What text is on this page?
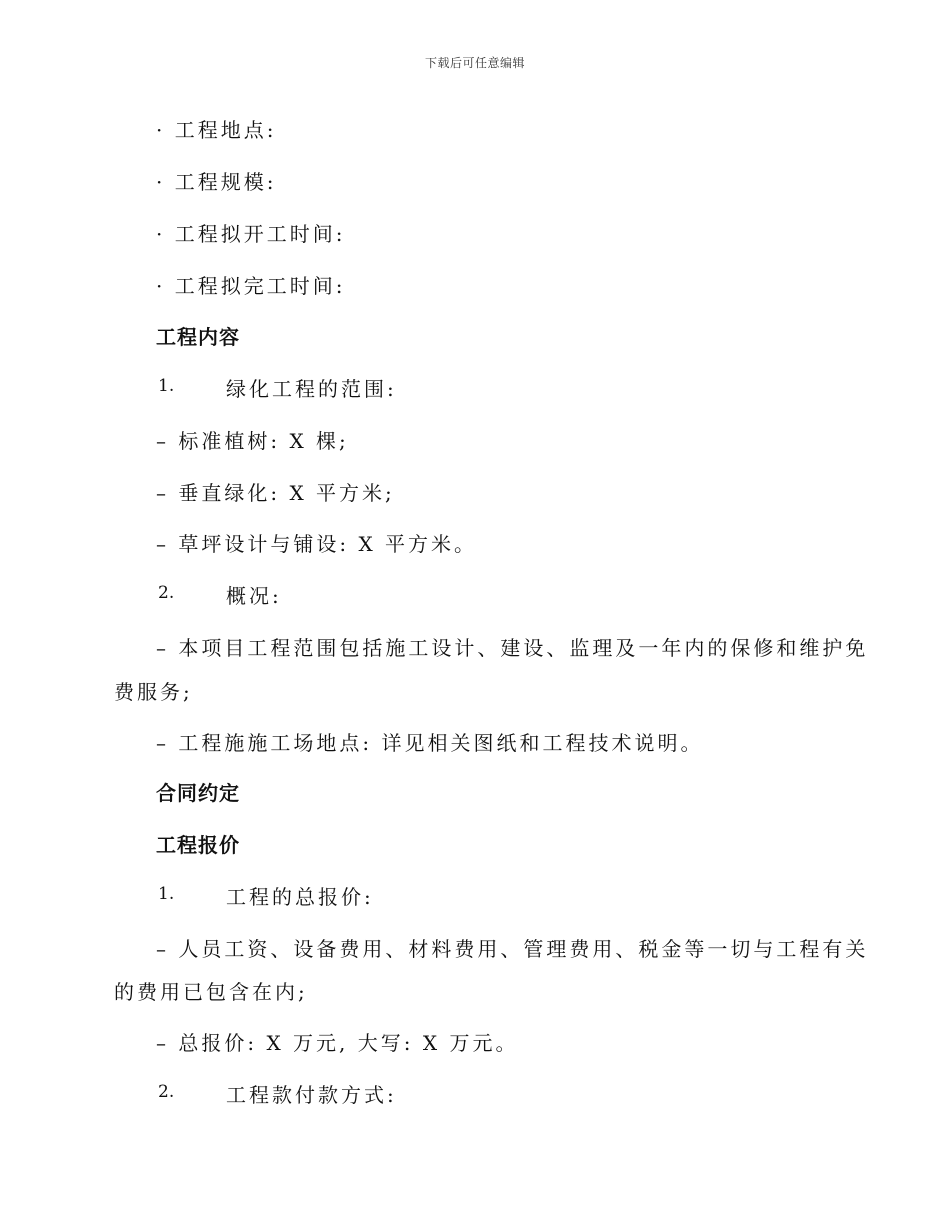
下载后可任意编辑
· 工程地点:
· 工程规模:
· 工程拟开工时间:
· 工程拟完工时间:
工程内容
1.	绿化工程的范围:
– 标准植树: X 棵;
– 垂直绿化: X 平方米;
– 草坪设计与铺设: X 平方米。
2.	概况:
– 本项目工程范围包括施工设计、建设、监理及一年内的保修和维护免
费服务;
– 工程施施工场地点: 详见相关图纸和工程技术说明。
合同约定
工程报价
1.	工程的总报价:
– 人员工资、设备费用、材料费用、管理费用、税金等一切与工程有关
的费用已包含在内;
– 总报价: X 万元, 大写: X 万元。
2.	工程款付款方式:
